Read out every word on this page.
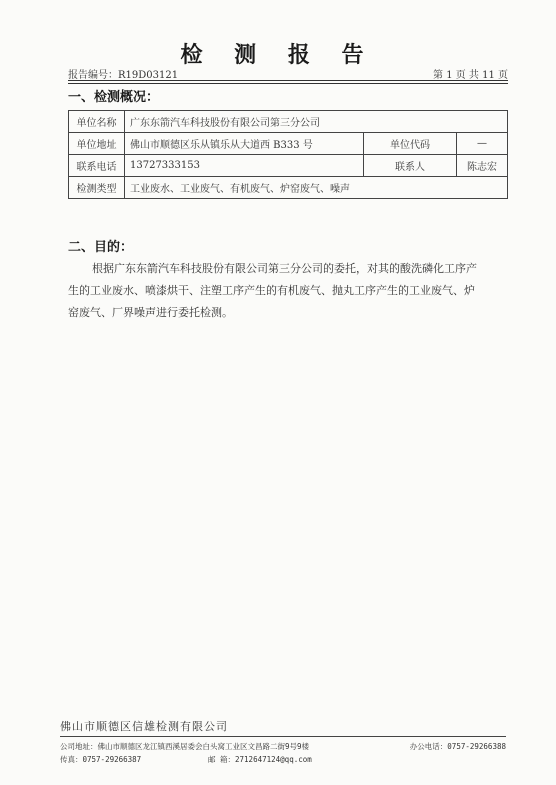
检 测 报 告
报告编号：R19D03121	第 1 页 共 11 页
一、检测概况：
单位名称	广东东箭汽车科技股份有限公司第三分公司		
单位地址	佛山市顺德区乐从镇乐从大道西 B333 号	单位代码	—
联系电话	13727333153	联系人	陈志宏
检测类型	工业废水、工业废气、有机废气、炉窑废气、噪声		
二、目的：
根据广东东箭汽车科技股份有限公司第三分公司的委托，对其的酸洗磷化工序产
生的工业废水、喷漆烘干、注塑工序产生的有机废气、抛丸工序产生的工业废气、炉
窑废气、厂界噪声进行委托检测。
佛山市顺德区信雄检测有限公司
公司地址：佛山市顺德区龙江镇西溪居委会白头窝工业区文昌路二街9号9楼	办公电话：0757-29266388
传真：0757-29266387	邮 箱：2712647124@qq.com
